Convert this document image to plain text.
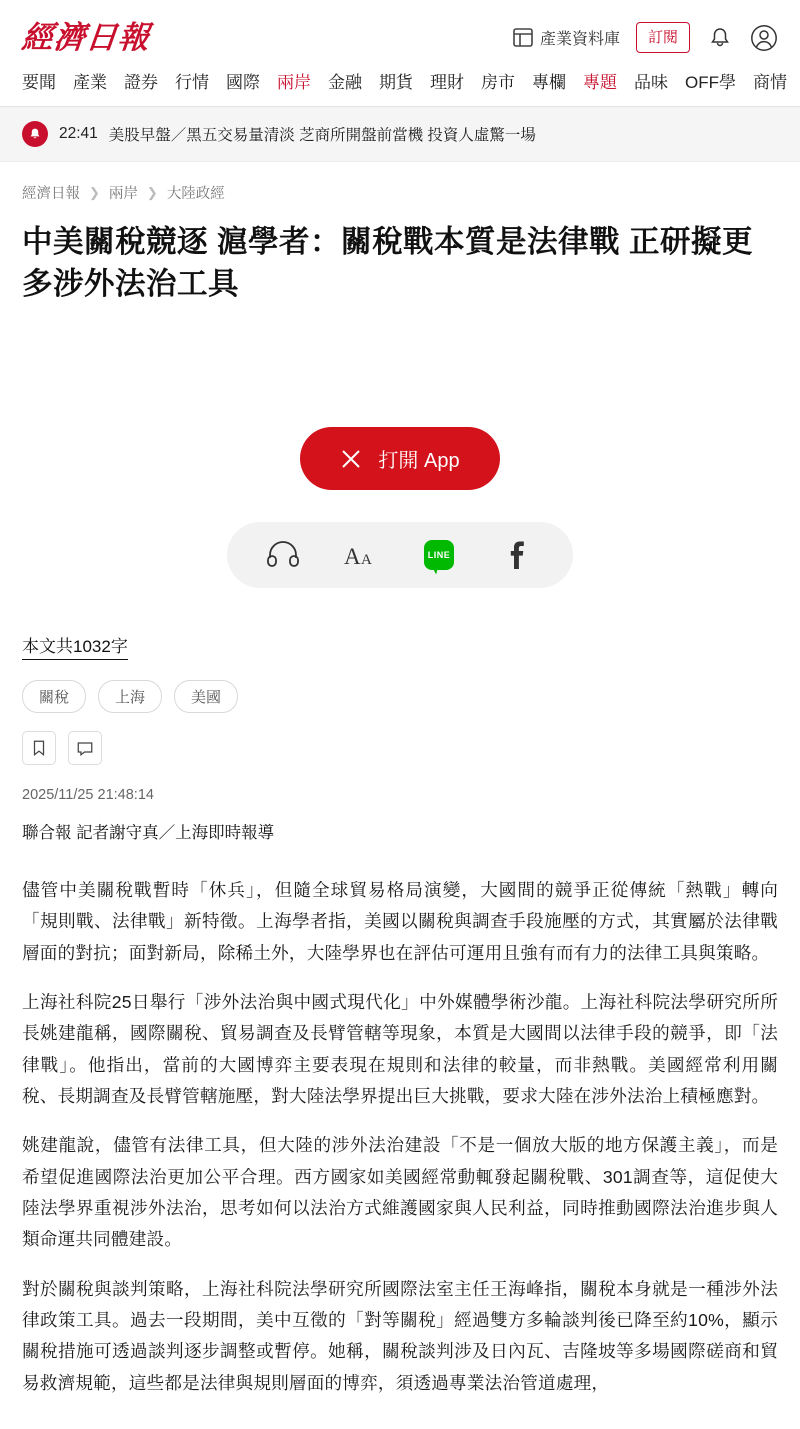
經濟日報	產業資料庫	訂閱
要聞 產業 證券 行情 國際 兩岸 金融 期貨 理財 房市 專欄 專題 品味 OFF學 商情
22:41 美股早盤／黑五交易量清淡 芝商所開盤前當機 投資人虛驚一場
經濟日報 ❯ 兩岸 ❯ 大陸政經
中美關稅競逐 滬學者：關稅戰本質是法律戰 正研擬更多涉外法治工具
打開 App
A A	LINE
本文共1032字
關稅	上海	美國
2025/11/25 21:48:14
聯合報 記者謝守真／上海即時報導

儘管中美關稅戰暫時「休兵」，但隨全球貿易格局演變，大國間的競爭正從傳統「熱戰」轉向「規則戰、法律戰」新特徵。上海學者指，美國以關稅與調查手段施壓的方式，其實屬於法律戰層面的對抗；面對新局，除稀土外，大陸學界也在評估可運用且強有而有力的法律工具與策略。

上海社科院25日舉行「涉外法治與中國式現代化」中外媒體學術沙龍。上海社科院法學研究所所長姚建龍稱，國際關稅、貿易調查及長臂管轄等現象，本質是大國間以法律手段的競爭，即「法律戰」。他指出，當前的大國博弈主要表現在規則和法律的較量，而非熱戰。美國經常利用關稅、長期調查及長臂管轄施壓，對大陸法學界提出巨大挑戰，要求大陸在涉外法治上積極應對。

姚建龍說，儘管有法律工具，但大陸的涉外法治建設「不是一個放大版的地方保護主義」，而是希望促進國際法治更加公平合理。西方國家如美國經常動輒發起關稅戰、301調查等，這促使大陸法學界重視涉外法治，思考如何以法治方式維護國家與人民利益，同時推動國際法治進步與人類命運共同體建設。

對於關稅與談判策略，上海社科院法學研究所國際法室主任王海峰指，關稅本身就是一種涉外法律政策工具。過去一段期間，美中互徵的「對等關稅」經過雙方多輪談判後已降至約10%，顯示關稅措施可透過談判逐步調整或暫停。她稱，關稅談判涉及日內瓦、吉隆坡等多場國際磋商和貿易救濟規範，這些都是法律與規則層面的博弈，須透過專業法治管道處理，
